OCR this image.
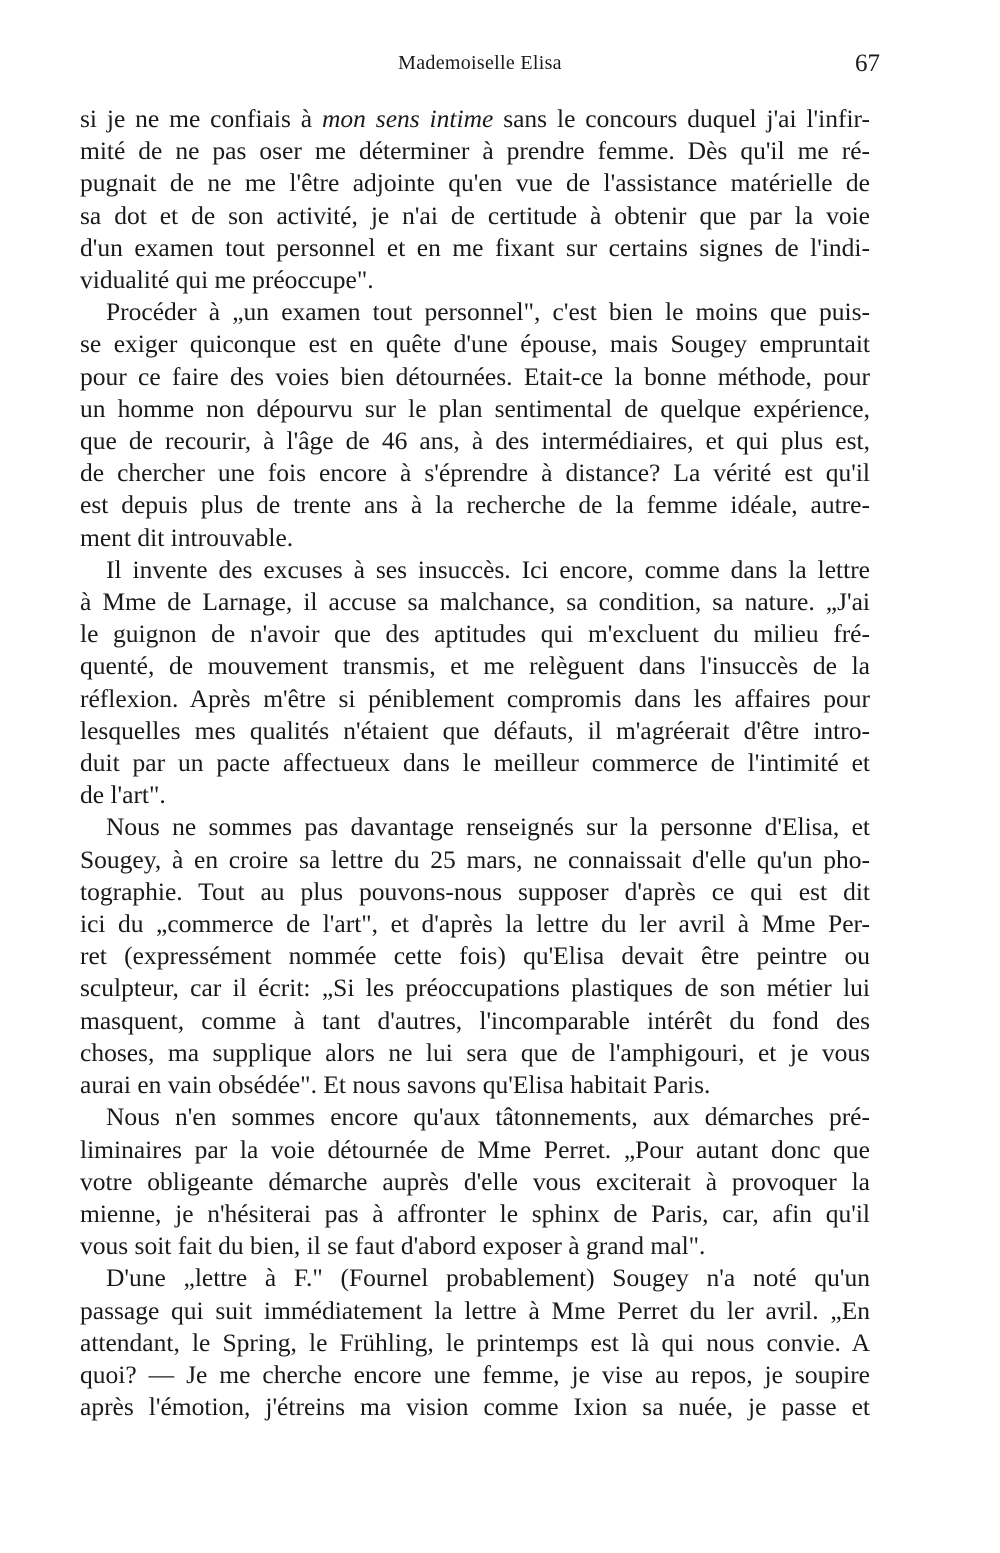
Mademoiselle Elisa	67
si je ne me confiais à mon sens intime sans le concours duquel j'ai l'infir-
mité de ne pas oser me déterminer à prendre femme. Dès qu'il me ré-
pugnait de ne me l'être adjointe qu'en vue de l'assistance matérielle de
sa dot et de son activité, je n'ai de certitude à obtenir que par la voie
d'un examen tout personnel et en me fixant sur certains signes de l'indi-
vidualité qui me préoccupe".
Procéder à „un examen tout personnel", c'est bien le moins que puis-
se exiger quiconque est en quête d'une épouse, mais Sougey empruntait
pour ce faire des voies bien détournées. Etait-ce la bonne méthode, pour
un homme non dépourvu sur le plan sentimental de quelque expérience,
que de recourir, à l'âge de 46 ans, à des intermédiaires, et qui plus est,
de chercher une fois encore à s'éprendre à distance? La vérité est qu'il
est depuis plus de trente ans à la recherche de la femme idéale, autre-
ment dit introuvable.
Il invente des excuses à ses insuccès. Ici encore, comme dans la lettre
à Mme de Larnage, il accuse sa malchance, sa condition, sa nature. „J'ai
le guignon de n'avoir que des aptitudes qui m'excluent du milieu fré-
quenté, de mouvement transmis, et me relèguent dans l'insuccès de la
réflexion. Après m'être si péniblement compromis dans les affaires pour
lesquelles mes qualités n'étaient que défauts, il m'agréerait d'être intro-
duit par un pacte affectueux dans le meilleur commerce de l'intimité et
de l'art".
Nous ne sommes pas davantage renseignés sur la personne d'Elisa, et
Sougey, à en croire sa lettre du 25 mars, ne connaissait d'elle qu'un pho-
tographie. Tout au plus pouvons-nous supposer d'après ce qui est dit
ici du „commerce de l'art", et d'après la lettre du ler avril à Mme Per-
ret (expressément nommée cette fois) qu'Elisa devait être peintre ou
sculpteur, car il écrit: „Si les préoccupations plastiques de son métier lui
masquent, comme à tant d'autres, l'incomparable intérêt du fond des
choses, ma supplique alors ne lui sera que de l'amphigouri, et je vous
aurai en vain obsédée". Et nous savons qu'Elisa habitait Paris.
Nous n'en sommes encore qu'aux tâtonnements, aux démarches pré-
liminaires par la voie détournée de Mme Perret. „Pour autant donc que
votre obligeante démarche auprès d'elle vous exciterait à provoquer la
mienne, je n'hésiterai pas à affronter le sphinx de Paris, car, afin qu'il
vous soit fait du bien, il se faut d'abord exposer à grand mal".
D'une „lettre à F." (Fournel probablement) Sougey n'a noté qu'un
passage qui suit immédiatement la lettre à Mme Perret du ler avril. „En
attendant, le Spring, le Frühling, le printemps est là qui nous convie. A
quoi? — Je me cherche encore une femme, je vise au repos, je soupire
après l'émotion, j'étreins ma vision comme Ixion sa nuée, je passe et
